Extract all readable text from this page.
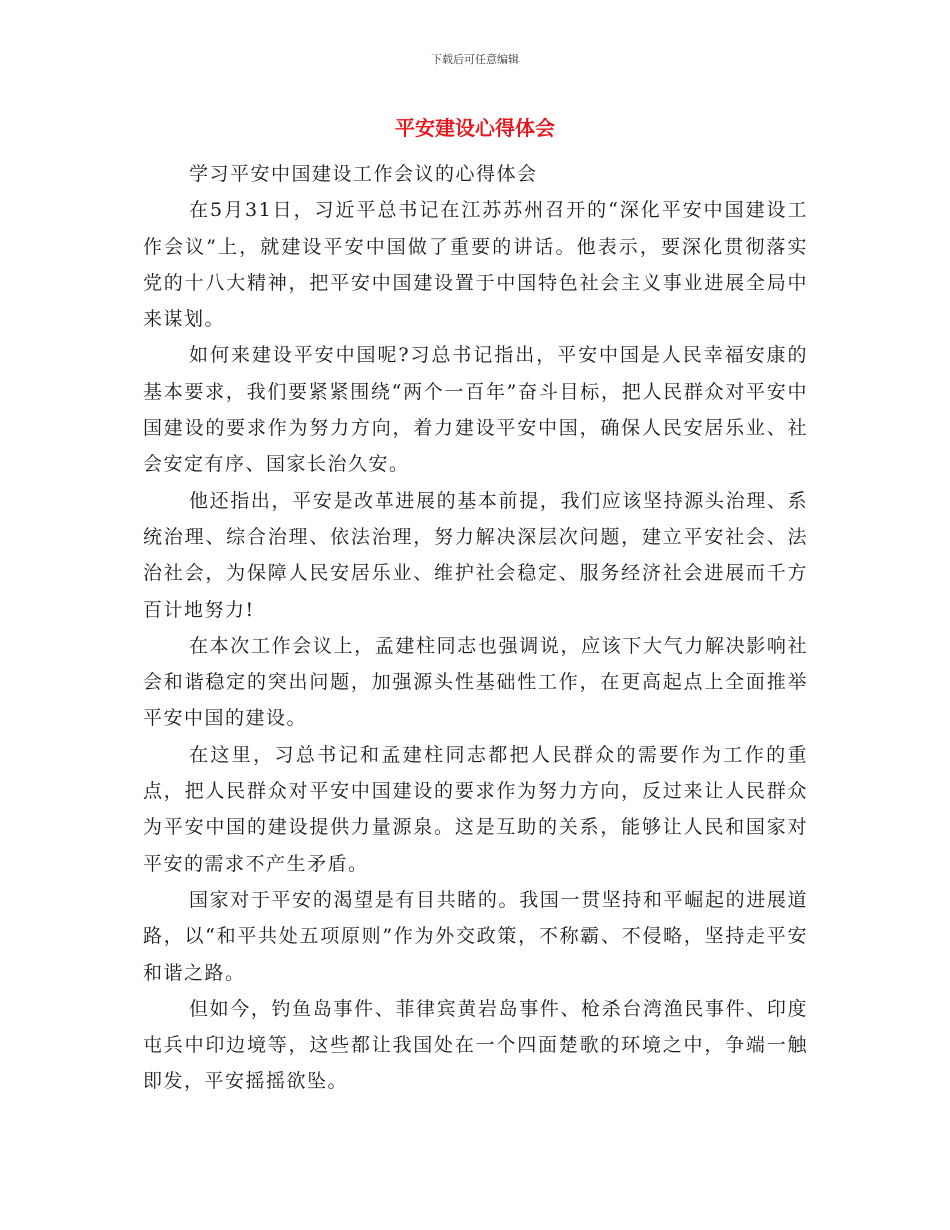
下载后可任意编辑
平安建设心得体会

学习平安中国建设工作会议的心得体会

在5月31日，习近平总书记在江苏苏州召开的“深化平安中国建设工作会议”上，就建设平安中国做了重要的讲话。他表示，要深化贯彻落实党的十八大精神，把平安中国建设置于中国特色社会主义事业进展全局中来谋划。

如何来建设平安中国呢?习总书记指出，平安中国是人民幸福安康的基本要求，我们要紧紧围绕“两个一百年”奋斗目标，把人民群众对平安中国建设的要求作为努力方向，着力建设平安中国，确保人民安居乐业、社会安定有序、国家长治久安。

他还指出，平安是改革进展的基本前提，我们应该坚持源头治理、系统治理、综合治理、依法治理，努力解决深层次问题，建立平安社会、法治社会，为保障人民安居乐业、维护社会稳定、服务经济社会进展而千方百计地努力!

在本次工作会议上，孟建柱同志也强调说，应该下大气力解决影响社会和谐稳定的突出问题，加强源头性基础性工作，在更高起点上全面推举平安中国的建设。

在这里，习总书记和孟建柱同志都把人民群众的需要作为工作的重点，把人民群众对平安中国建设的要求作为努力方向，反过来让人民群众为平安中国的建设提供力量源泉。这是互助的关系，能够让人民和国家对平安的需求不产生矛盾。

国家对于平安的渴望是有目共睹的。我国一贯坚持和平崛起的进展道路，以“和平共处五项原则”作为外交政策，不称霸、不侵略，坚持走平安和谐之路。

但如今，钓鱼岛事件、菲律宾黄岩岛事件、枪杀台湾渔民事件、印度屯兵中印边境等，这些都让我国处在一个四面楚歌的环境之中，争端一触即发，平安摇摇欲坠。
